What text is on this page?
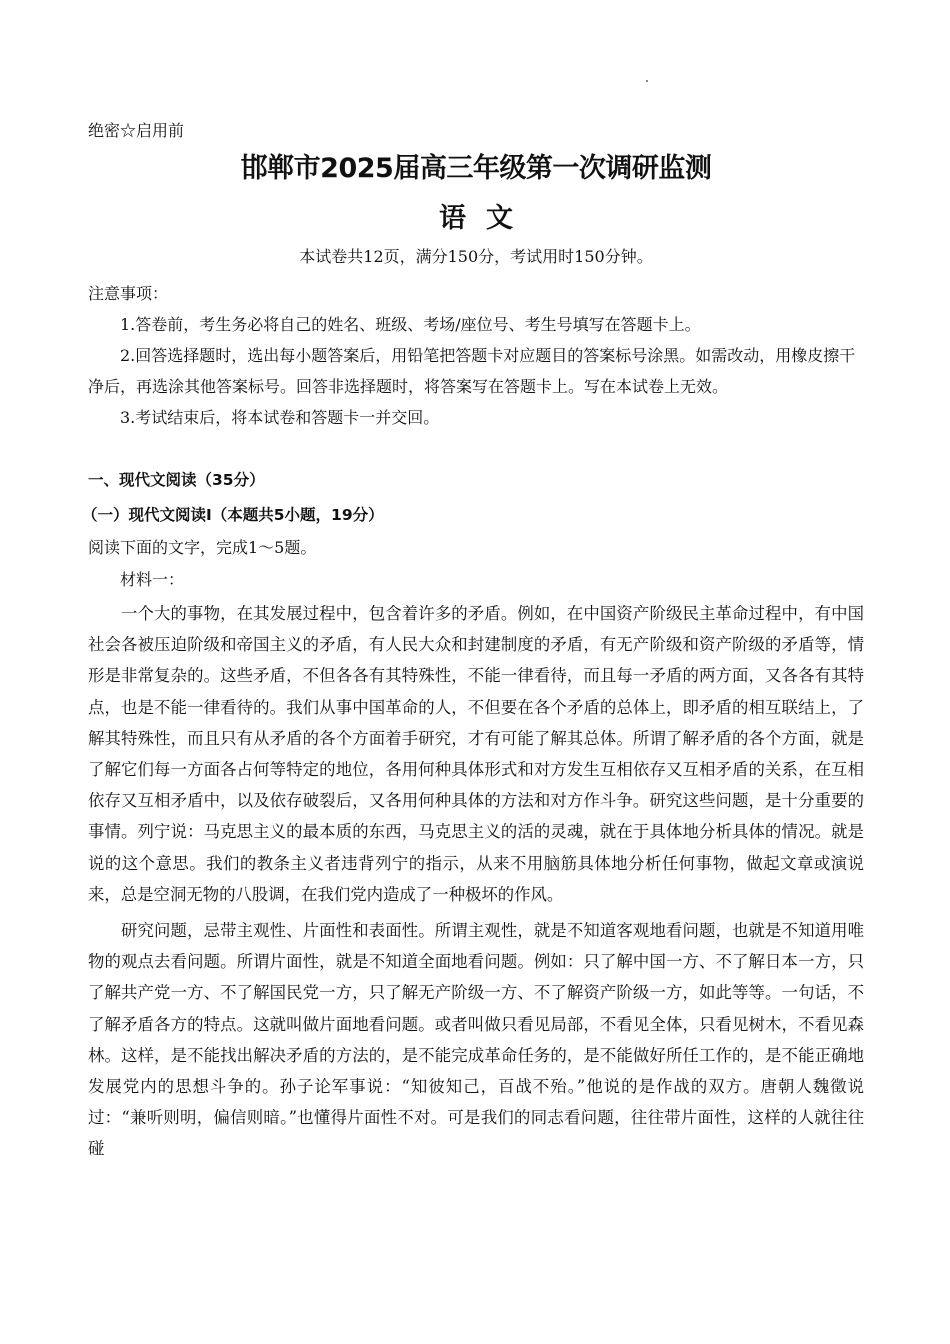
绝密☆启用前
邯郸市2025届高三年级第一次调研监测
语 文
本试卷共12页，满分150分，考试用时150分钟。
注意事项：
1.答卷前，考生务必将自己的姓名、班级、考场/座位号、考生号填写在答题卡上。
2.回答选择题时，选出每小题答案后，用铅笔把答题卡对应题目的答案标号涂黑。如需改动，用橡皮擦干净后，再选涂其他答案标号。回答非选择题时，将答案写在答题卡上。写在本试卷上无效。
3.考试结束后，将本试卷和答题卡一并交回。
一、现代文阅读（35分）
（一）现代文阅读Ⅰ（本题共5小题，19分）
阅读下面的文字，完成1～5题。
材料一：

一个大的事物，在其发展过程中，包含着许多的矛盾。例如，在中国资产阶级民主革命过程中，有中国社会各被压迫阶级和帝国主义的矛盾，有人民大众和封建制度的矛盾，有无产阶级和资产阶级的矛盾等，情形是非常复杂的。这些矛盾，不但各各有其特殊性，不能一律看待，而且每一矛盾的两方面，又各各有其特点，也是不能一律看待的。我们从事中国革命的人，不但要在各个矛盾的总体上，即矛盾的相互联结上，了解其特殊性，而且只有从矛盾的各个方面着手研究，才有可能了解其总体。所谓了解矛盾的各个方面，就是了解它们每一方面各占何等特定的地位，各用何种具体形式和对方发生互相依存又互相矛盾的关系，在互相依存又互相矛盾中，以及依存破裂后，又各用何种具体的方法和对方作斗争。研究这些问题，是十分重要的事情。列宁说：马克思主义的最本质的东西，马克思主义的活的灵魂，就在于具体地分析具体的情况。就是说的这个意思。我们的教条主义者违背列宁的指示，从来不用脑筋具体地分析任何事物，做起文章或演说来，总是空洞无物的八股调，在我们党内造成了一种极坏的作风。

研究问题，忌带主观性、片面性和表面性。所谓主观性，就是不知道客观地看问题，也就是不知道用唯物的观点去看问题。所谓片面性，就是不知道全面地看问题。例如：只了解中国一方、不了解日本一方，只了解共产党一方、不了解国民党一方，只了解无产阶级一方、不了解资产阶级一方，如此等等。一句话，不了解矛盾各方的特点。这就叫做片面地看问题。或者叫做只看见局部，不看见全体，只看见树木，不看见森林。这样，是不能找出解决矛盾的方法的，是不能完成革命任务的，是不能做好所任工作的，是不能正确地发展党内的思想斗争的。孙子论军事说：“知彼知己，百战不殆。”他说的是作战的双方。唐朝人魏徵说过：“兼听则明，偏信则暗。”也懂得片面性不对。可是我们的同志看问题，往往带片面性，这样的人就往往碰
